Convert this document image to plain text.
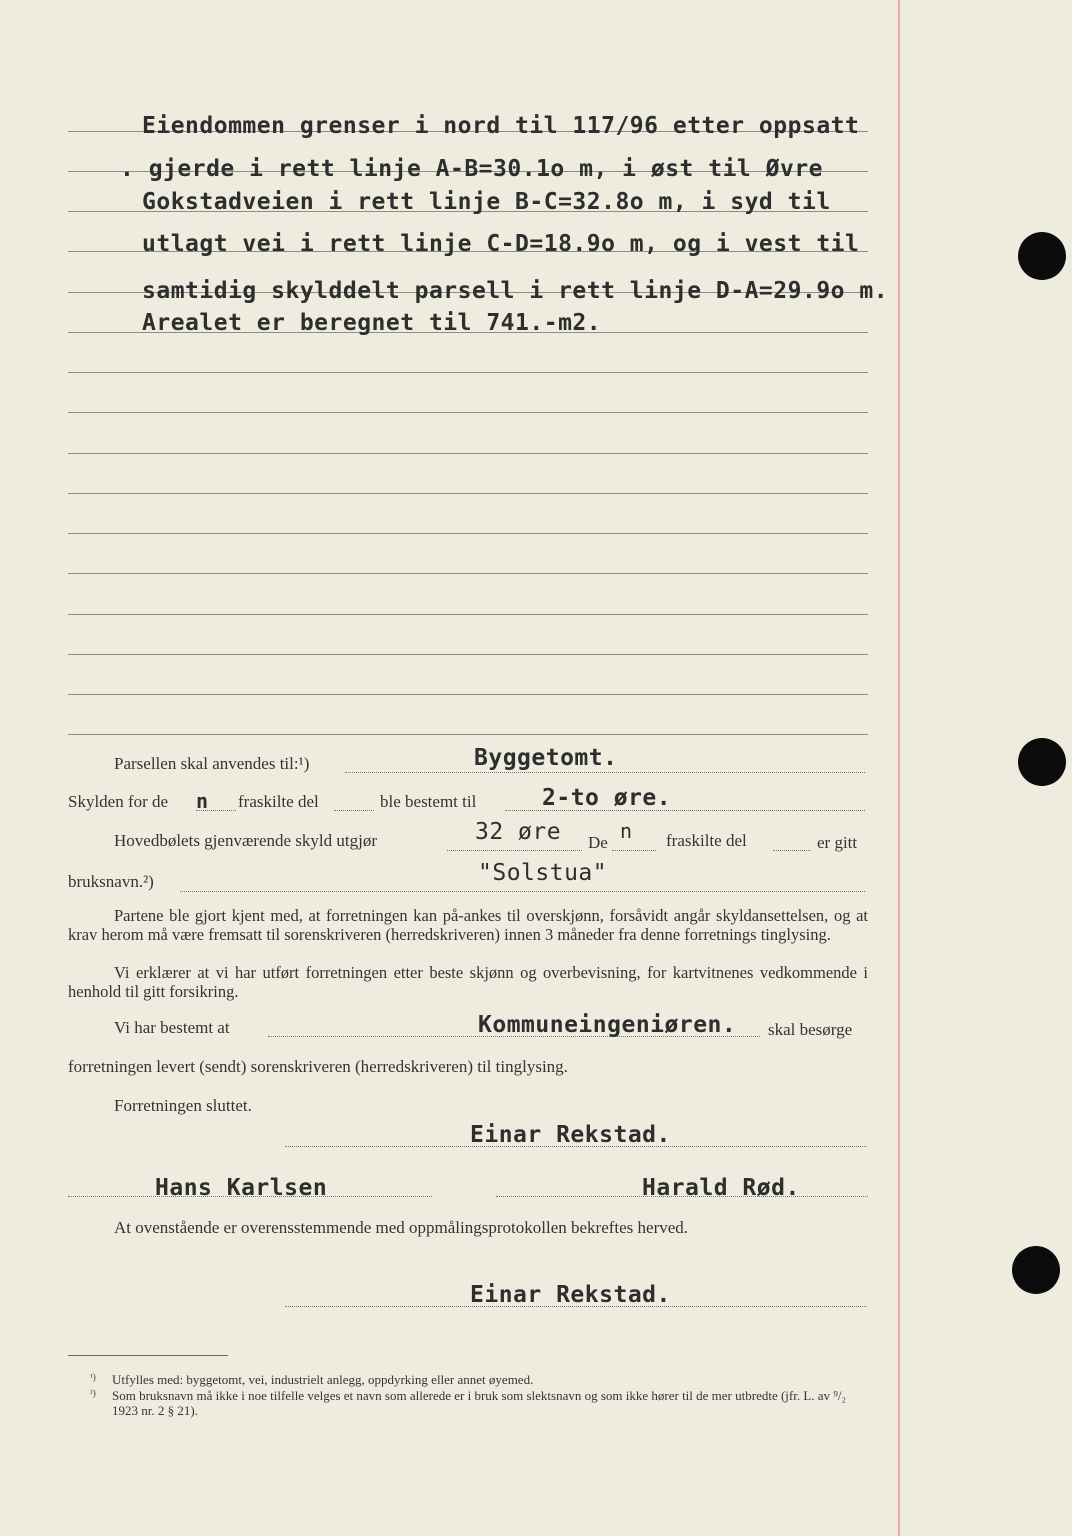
Eiendommen grenser i nord til 117/96 etter oppsatt
. gjerde i rett linje A-B=30.1o m, i øst til Øvre
Gokstadveien i rett linje B-C=32.8o m, i syd til
utlagt vei i rett linje C-D=18.9o m, og i vest til
samtidig skylddelt parsell i rett linje D-A=29.9o m.
Arealet er beregnet til 741.-m2.
Parsellen skal anvendes til:¹)	Byggetomt.
Skylden for de n fraskilte del	ble bestemt til	2-to øre.
Hovedbølets gjenværende skyld utgjør	32 øre De n fraskilte del	er gitt
bruksnavn.²)	"Solstua"
Partene ble gjort kjent med, at forretningen kan på-ankes til overskjønn, forsåvidt angår skyldansettelsen, og at krav herom må være fremsatt til sorenskriveren (herredskriveren) innen 3 måneder fra denne forretnings tinglysing.
Vi erklærer at vi har utført forretningen etter beste skjønn og overbevisning, for kartvitnenes vedkommende i henhold til gitt forsikring.
Vi har bestemt at	Kommuneingeniøren. skal besørge
forretningen levert (sendt) sorenskriveren (herredskriveren) til tinglysing.
Forretningen sluttet.
Einar Rekstad.
Hans Karlsen	Harald Rød.
At ovenstående er overensstemmende med oppmålingsprotokollen bekreftes herved.
Einar Rekstad.
¹) Utfylles med: byggetomt, vei, industrielt anlegg, oppdyrking eller annet øyemed.
²) Som bruksnavn må ikke i noe tilfelle velges et navn som allerede er i bruk som slektsnavn og som ikke hører til de mer utbredte (jfr. L. av ⁹/₂ 1923 nr. 2 § 21).
